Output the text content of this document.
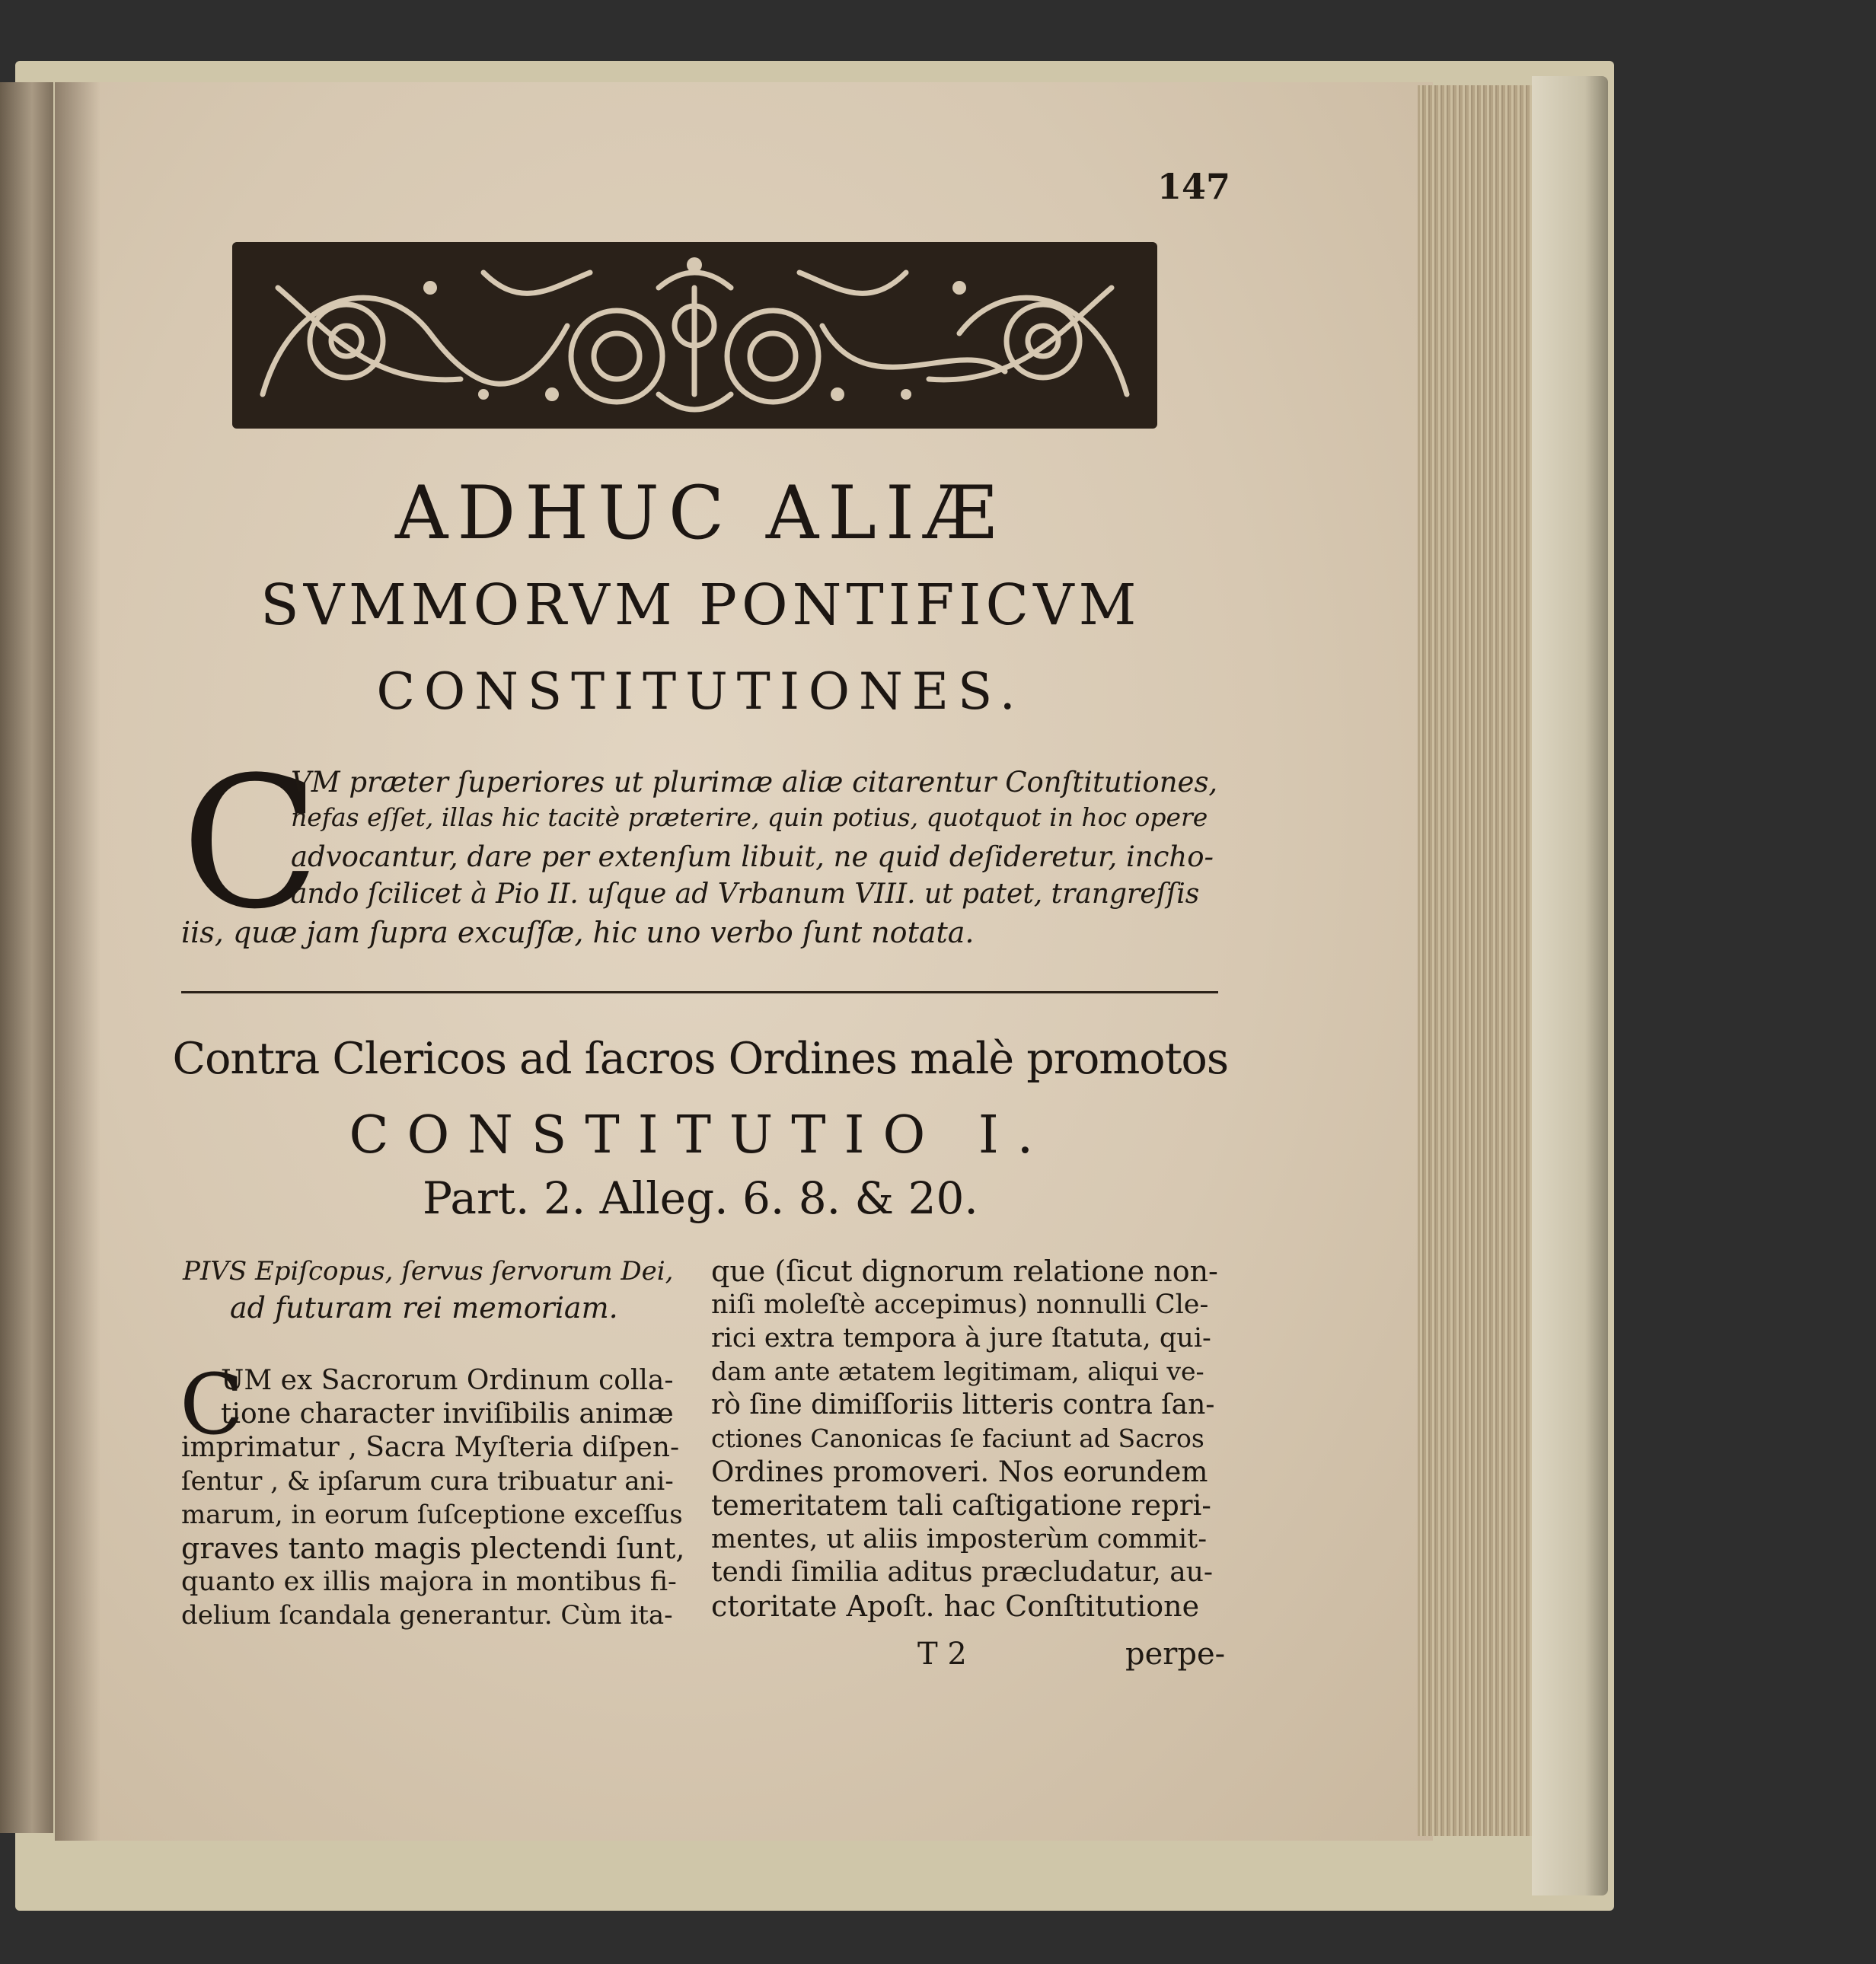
147
ADHUC ALIÆ
SVMMORVM PONTIFICVM
CONSTITUTIONES.
C
VM præter ſuperiores ut plurimæ aliæ citarentur Conſtitutiones,
nefas eſſet, illas hic tacitè præterire, quin potius, quotquot in hoc opere
advocantur, dare per extenſum libuit, ne quid deſideretur, incho-
ando ſcilicet à Pio II. uſque ad Vrbanum VIII. ut patet, trangreſſis
iis, quæ jam ſupra excuſſæ, hic uno verbo ſunt notata.
Contra Clericos ad ſacros Ordines malè promotos
CONSTITUTIO I.
Part. 2. Alleg. 6. 8. & 20.
PIVS Epiſcopus, ſervus ſervorum Dei,
ad futuram rei memoriam.
C
UM ex Sacrorum Ordinum colla-
tione character inviſibilis animæ
imprimatur , Sacra Myſteria diſpen-
ſentur , & ipſarum cura tribuatur ani-
marum, in eorum ſuſceptione exceſſus
graves tanto magis plectendi ſunt,
quanto ex illis majora in montibus fi-
delium ſcandala generantur. Cùm ita-
que (ſicut dignorum relatione non-
niſi moleſtè accepimus) nonnulli Cle-
rici extra tempora à jure ſtatuta, qui-
dam ante ætatem legitimam, aliqui ve-
rò ſine dimiſſoriis litteris contra ſan-
ctiones Canonicas ſe faciunt ad Sacros
Ordines promoveri. Nos eorundem
temeritatem tali caſtigatione repri-
mentes, ut aliis imposterùm commit-
tendi ſimilia aditus præcludatur, au-
ctoritate Apoſt. hac Conſtitutione
T 2	perpe-
